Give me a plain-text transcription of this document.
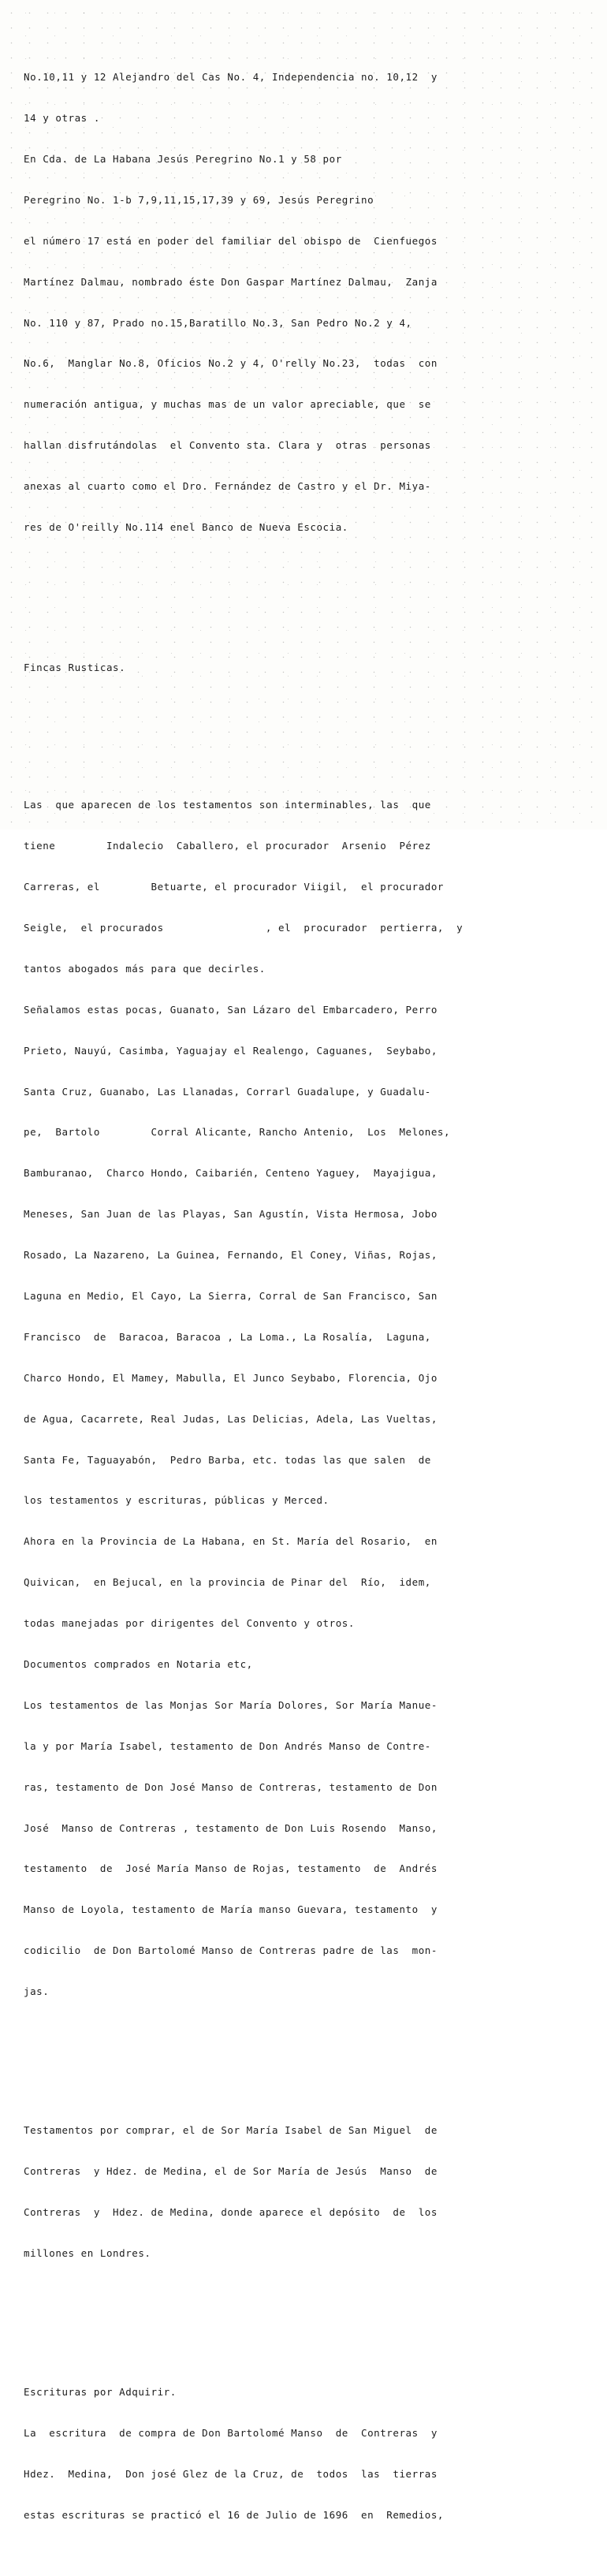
No.10,11 y 12 Alejandro del Cas No. 4, Independencia no. 10,12  y

14 y otras .

En Cda. de La Habana Jesús Peregrino No.1 y 58 por

Peregrino No. 1-b 7,9,11,15,17,39 y 69, Jesús Peregrino

el número 17 está en poder del familiar del obispo de  Cienfuegos

Martínez Dalmau, nombrado éste Don Gaspar Martínez Dalmau,  Zanja

No. 110 y 87, Prado no.15,Baratillo No.3, San Pedro No.2 y 4,

No.6,  Manglar No.8, Oficios No.2 y 4, O'relly No.23,  todas  con

numeración antigua, y muchas mas de un valor apreciable, que  se

hallan disfrutándolas  el Convento sta. Clara y  otras  personas

anexas al cuarto como el Dro. Fernández de Castro y el Dr. Miya-

res de O'reilly No.114 enel Banco de Nueva Escocia.

Fincas Rusticas.

Las  que aparecen de los testamentos son interminables, las  que

tiene        Indalecio  Caballero, el procurador  Arsenio  Pérez

Carreras, el        Betuarte, el procurador Viigil,  el procurador

Seigle,  el procurados                , el  procurador  pertierra,  y

tantos abogados más para que decirles.

Señalamos estas pocas, Guanato, San Lázaro del Embarcadero, Perro

Prieto, Nauyú, Casimba, Yaguajay el Realengo, Caguanes,  Seybabo,

Santa Cruz, Guanabo, Las Llanadas, Corrarl Guadalupe, y Guadalu-

pe,  Bartolo        Corral Alicante, Rancho Antenio,  Los  Melones,

Bamburanao,  Charco Hondo, Caibarién, Centeno Yaguey,  Mayajigua,

Meneses, San Juan de las Playas, San Agustín, Vista Hermosa, Jobo

Rosado, La Nazareno, La Guinea, Fernando, El Coney, Viñas, Rojas,

Laguna en Medio, El Cayo, La Sierra, Corral de San Francisco, San

Francisco  de  Baracoa, Baracoa , La Loma., La Rosalía,  Laguna,

Charco Hondo, El Mamey, Mabulla, El Junco Seybabo, Florencia, Ojo

de Agua, Cacarrete, Real Judas, Las Delicias, Adela, Las Vueltas,

Santa Fe, Taguayabón,  Pedro Barba, etc. todas las que salen  de

los testamentos y escrituras, públicas y Merced.

Ahora en la Provincia de La Habana, en St. María del Rosario,  en

Quivican,  en Bejucal, en la provincia de Pinar del  Río,  idem,

todas manejadas por dirigentes del Convento y otros.

Documentos comprados en Notaria etc,

Los testamentos de las Monjas Sor María Dolores, Sor María Manue-

la y por María Isabel, testamento de Don Andrés Manso de Contre-

ras, testamento de Don José Manso de Contreras, testamento de Don

José  Manso de Contreras , testamento de Don Luis Rosendo  Manso,

testamento  de  José María Manso de Rojas, testamento  de  Andrés

Manso de Loyola, testamento de María manso Guevara, testamento  y

codicilio  de Don Bartolomé Manso de Contreras padre de las  mon-

jas.

Testamentos por comprar, el de Sor María Isabel de San Miguel  de

Contreras  y Hdez. de Medina, el de Sor María de Jesús  Manso  de

Contreras  y  Hdez. de Medina, donde aparece el depósito  de  los

millones en Londres.

Escrituras por Adquirir.

La  escritura  de compra de Don Bartolomé Manso  de  Contreras  y

Hdez.  Medina,  Don josé Glez de la Cruz, de  todos  las  tierras

estas escrituras se practicó el 16 de Julio de 1696  en  Remedios,
